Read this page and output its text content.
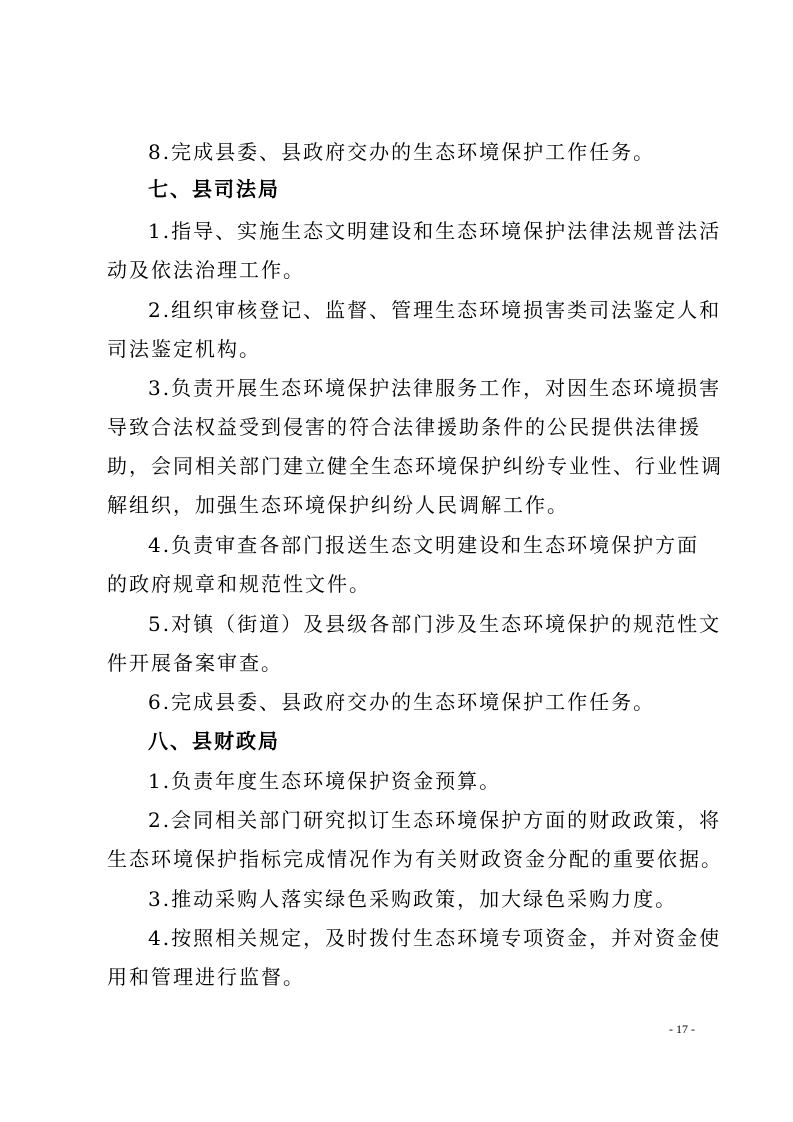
8.完成县委、县政府交办的生态环境保护工作任务。
七、县司法局
1.指导、实施生态文明建设和生态环境保护法律法规普法活
动及依法治理工作。
2.组织审核登记、监督、管理生态环境损害类司法鉴定人和
司法鉴定机构。
3.负责开展生态环境保护法律服务工作，对因生态环境损害
导致合法权益受到侵害的符合法律援助条件的公民提供法律援
助，会同相关部门建立健全生态环境保护纠纷专业性、行业性调
解组织，加强生态环境保护纠纷人民调解工作。
4.负责审查各部门报送生态文明建设和生态环境保护方面
的政府规章和规范性文件。
5.对镇（街道）及县级各部门涉及生态环境保护的规范性文
件开展备案审查。
6.完成县委、县政府交办的生态环境保护工作任务。
八、县财政局
1.负责年度生态环境保护资金预算。
2.会同相关部门研究拟订生态环境保护方面的财政政策，将
生态环境保护指标完成情况作为有关财政资金分配的重要依据。
3.推动采购人落实绿色采购政策，加大绿色采购力度。
4.按照相关规定，及时拨付生态环境专项资金，并对资金使
用和管理进行监督。
- 17 -
